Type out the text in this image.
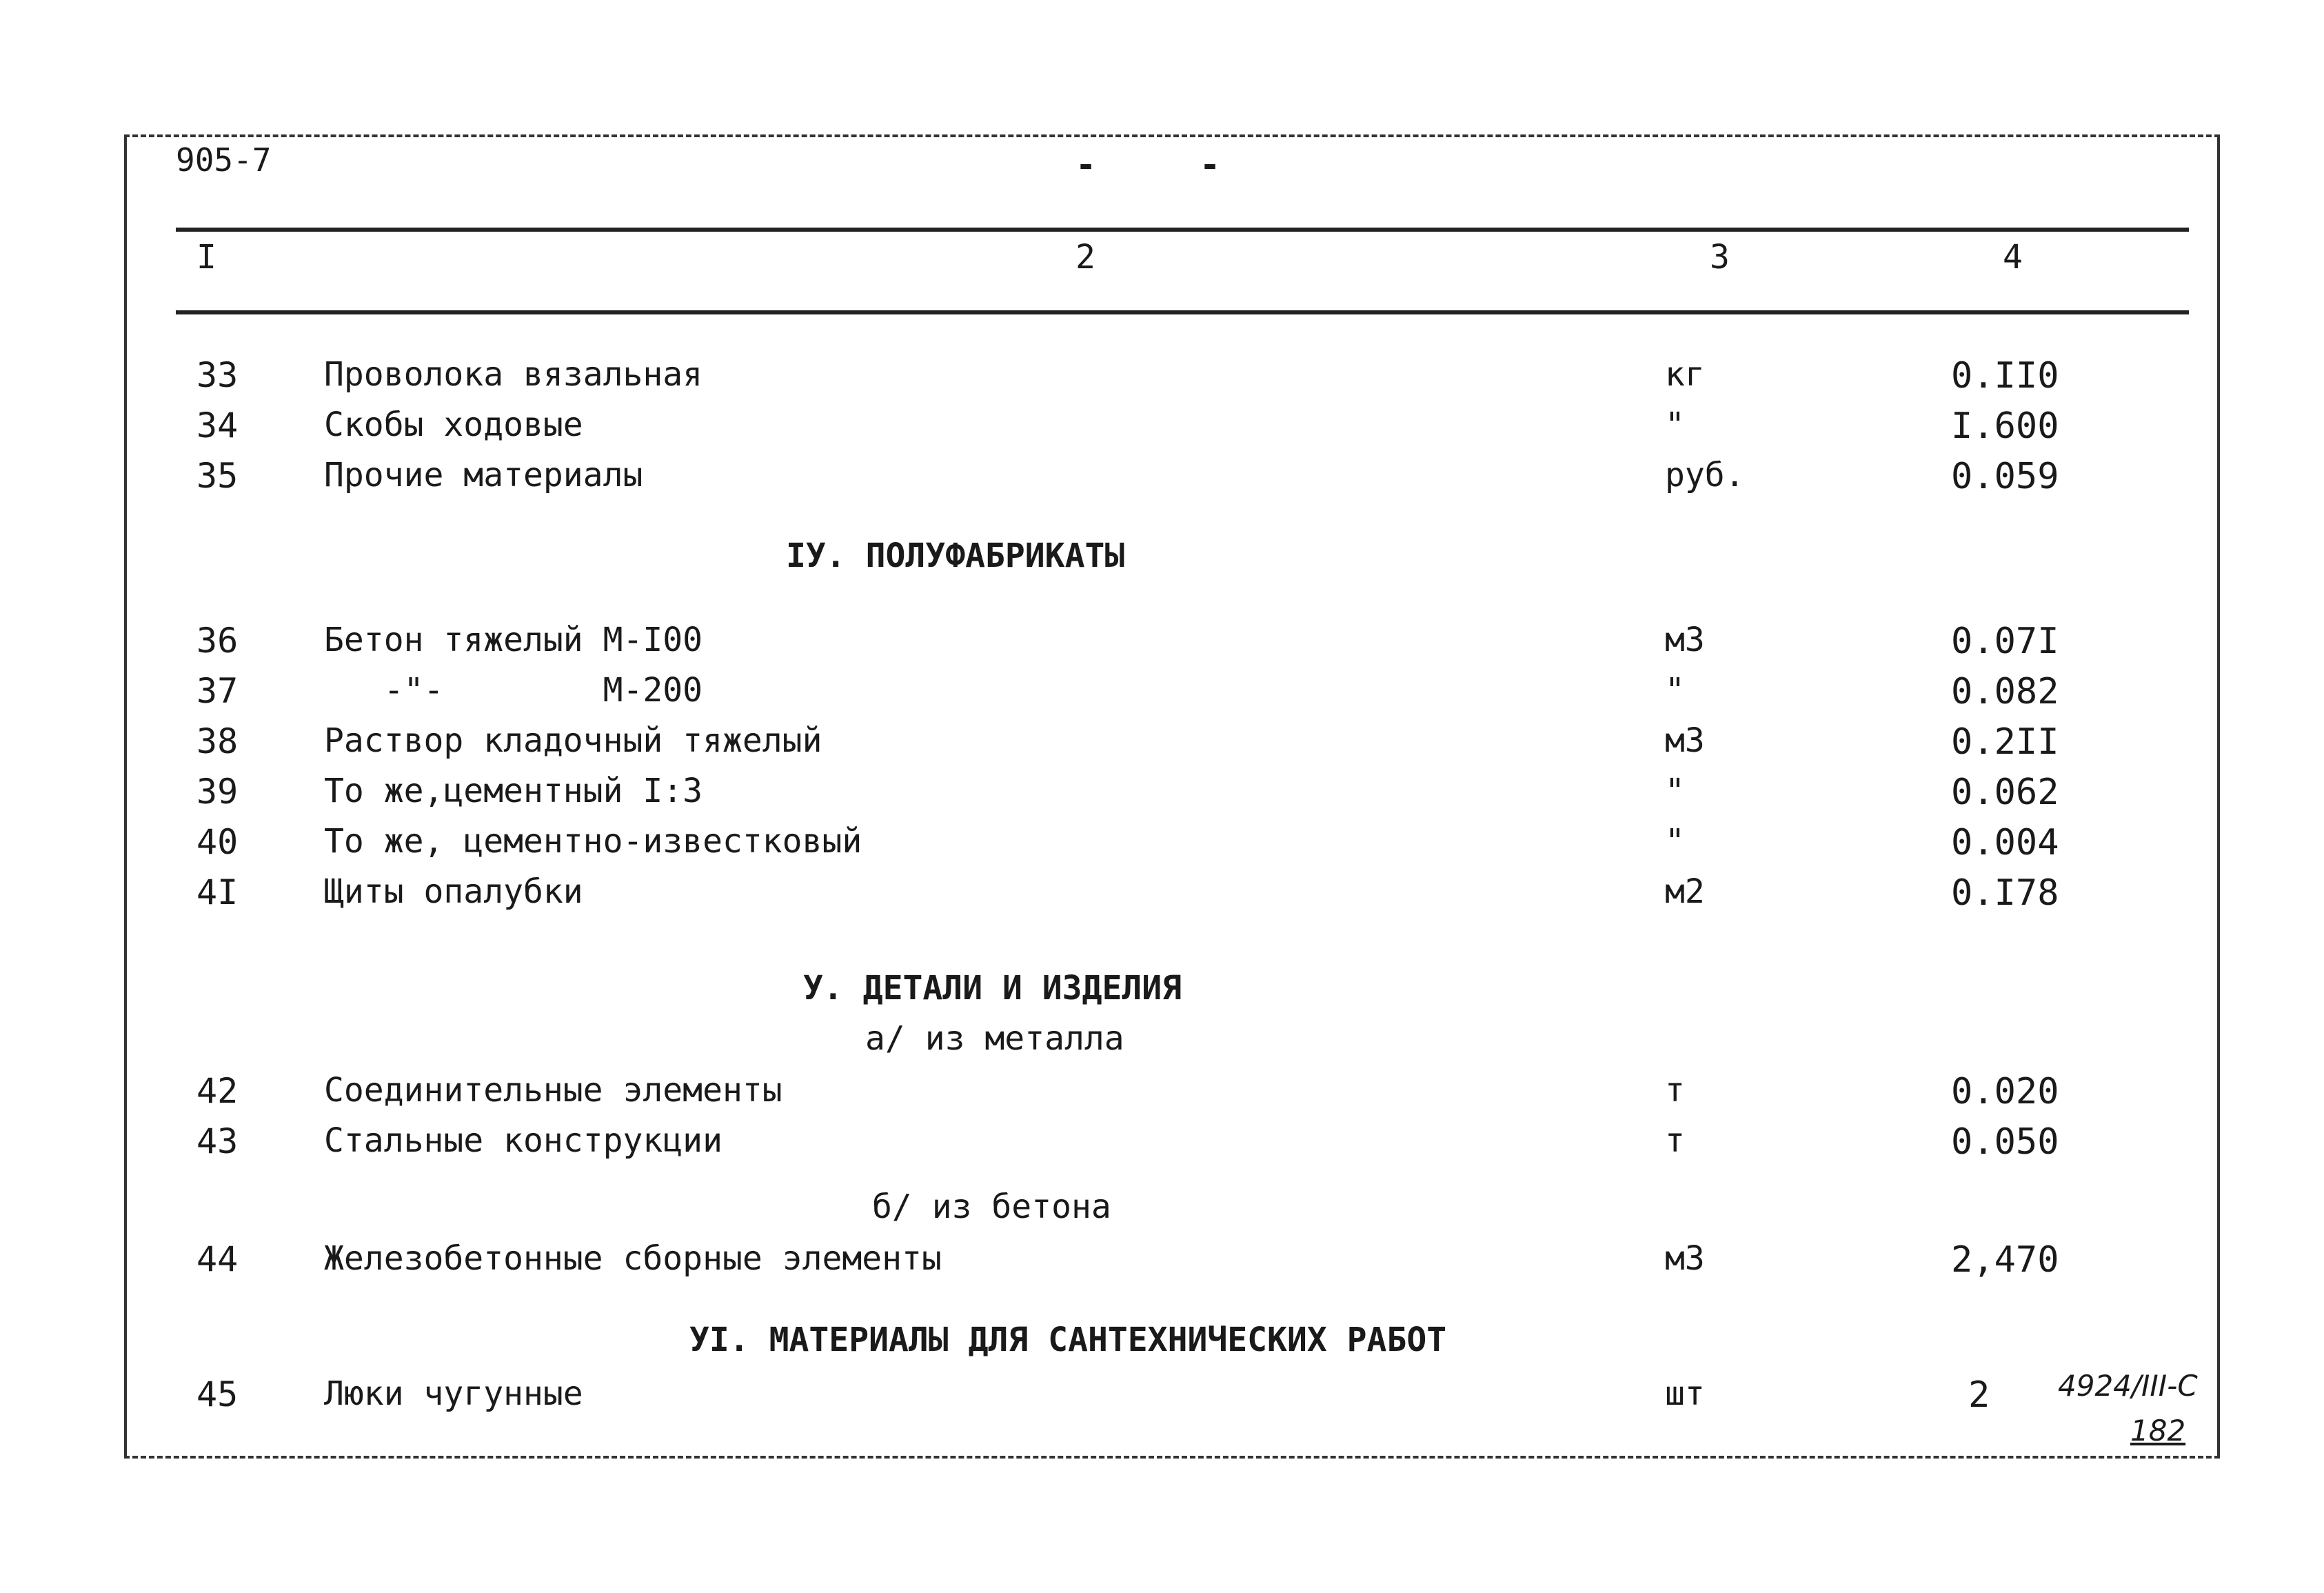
905-7	-	-
I	2	3	4
33	Проволока вязальная	кг	0.II0
34	Скобы ходовые	"	I.600
35	Прочие материалы	руб.	0.059
IУ. ПОЛУФАБРИКАТЫ
36	Бетон тяжелый М-I00	м3	0.07I
37	-"-        М-200	"	0.082
38	Раствор кладочный тяжелый	м3	0.2II
39	То же,цементный I:3	"	0.062
40	То же, цементно-известковый	"	0.004
4I	Щиты опалубки	м2	0.I78
У. ДЕТАЛИ И ИЗДЕЛИЯ
а/ из металла
42	Соединительные элементы	т	0.020
43	Стальные конструкции	т	0.050
б/ из бетона
44	Железобетонные сборные элементы	м3	2,470
УI. МАТЕРИАЛЫ ДЛЯ САНТЕХНИЧЕСКИХ РАБОТ
45	Люки чугунные	шт	2 4924/III-С
182
